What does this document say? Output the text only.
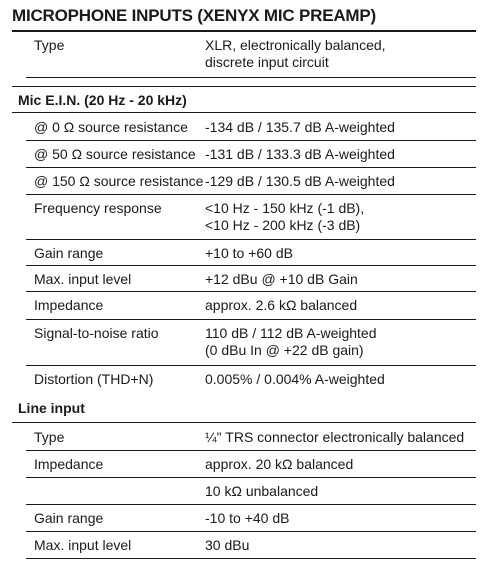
MICROPHONE INPUTS (XENYX MIC PREAMP)
Type	XLR, electronically balanced,
discrete input circuit
Mic E.I.N. (20 Hz - 20 kHz)
@ 0 Ω source resistance -134 dB / 135.7 dB A-weighted
@ 50 Ω source resistance -131 dB / 133.3 dB A-weighted
@ 150 Ω source resistance -129 dB / 130.5 dB A-weighted
Frequency response	<10 Hz - 150 kHz (-1 dB),
<10 Hz - 200 kHz (-3 dB)
Gain range	+10 to +60 dB
Max. input level	+12 dBu @ +10 dB Gain
Impedance	approx. 2.6 kΩ balanced
Signal-to-noise ratio	110 dB / 112 dB A-weighted
(0 dBu In @ +22 dB gain)
Distortion (THD+N)	0.005% / 0.004% A-weighted
Line input
Type	¼" TRS connector electronically balanced
Impedance	approx. 20 kΩ balanced
10 kΩ unbalanced
Gain range	-10 to +40 dB
Max. input level	30 dBu
